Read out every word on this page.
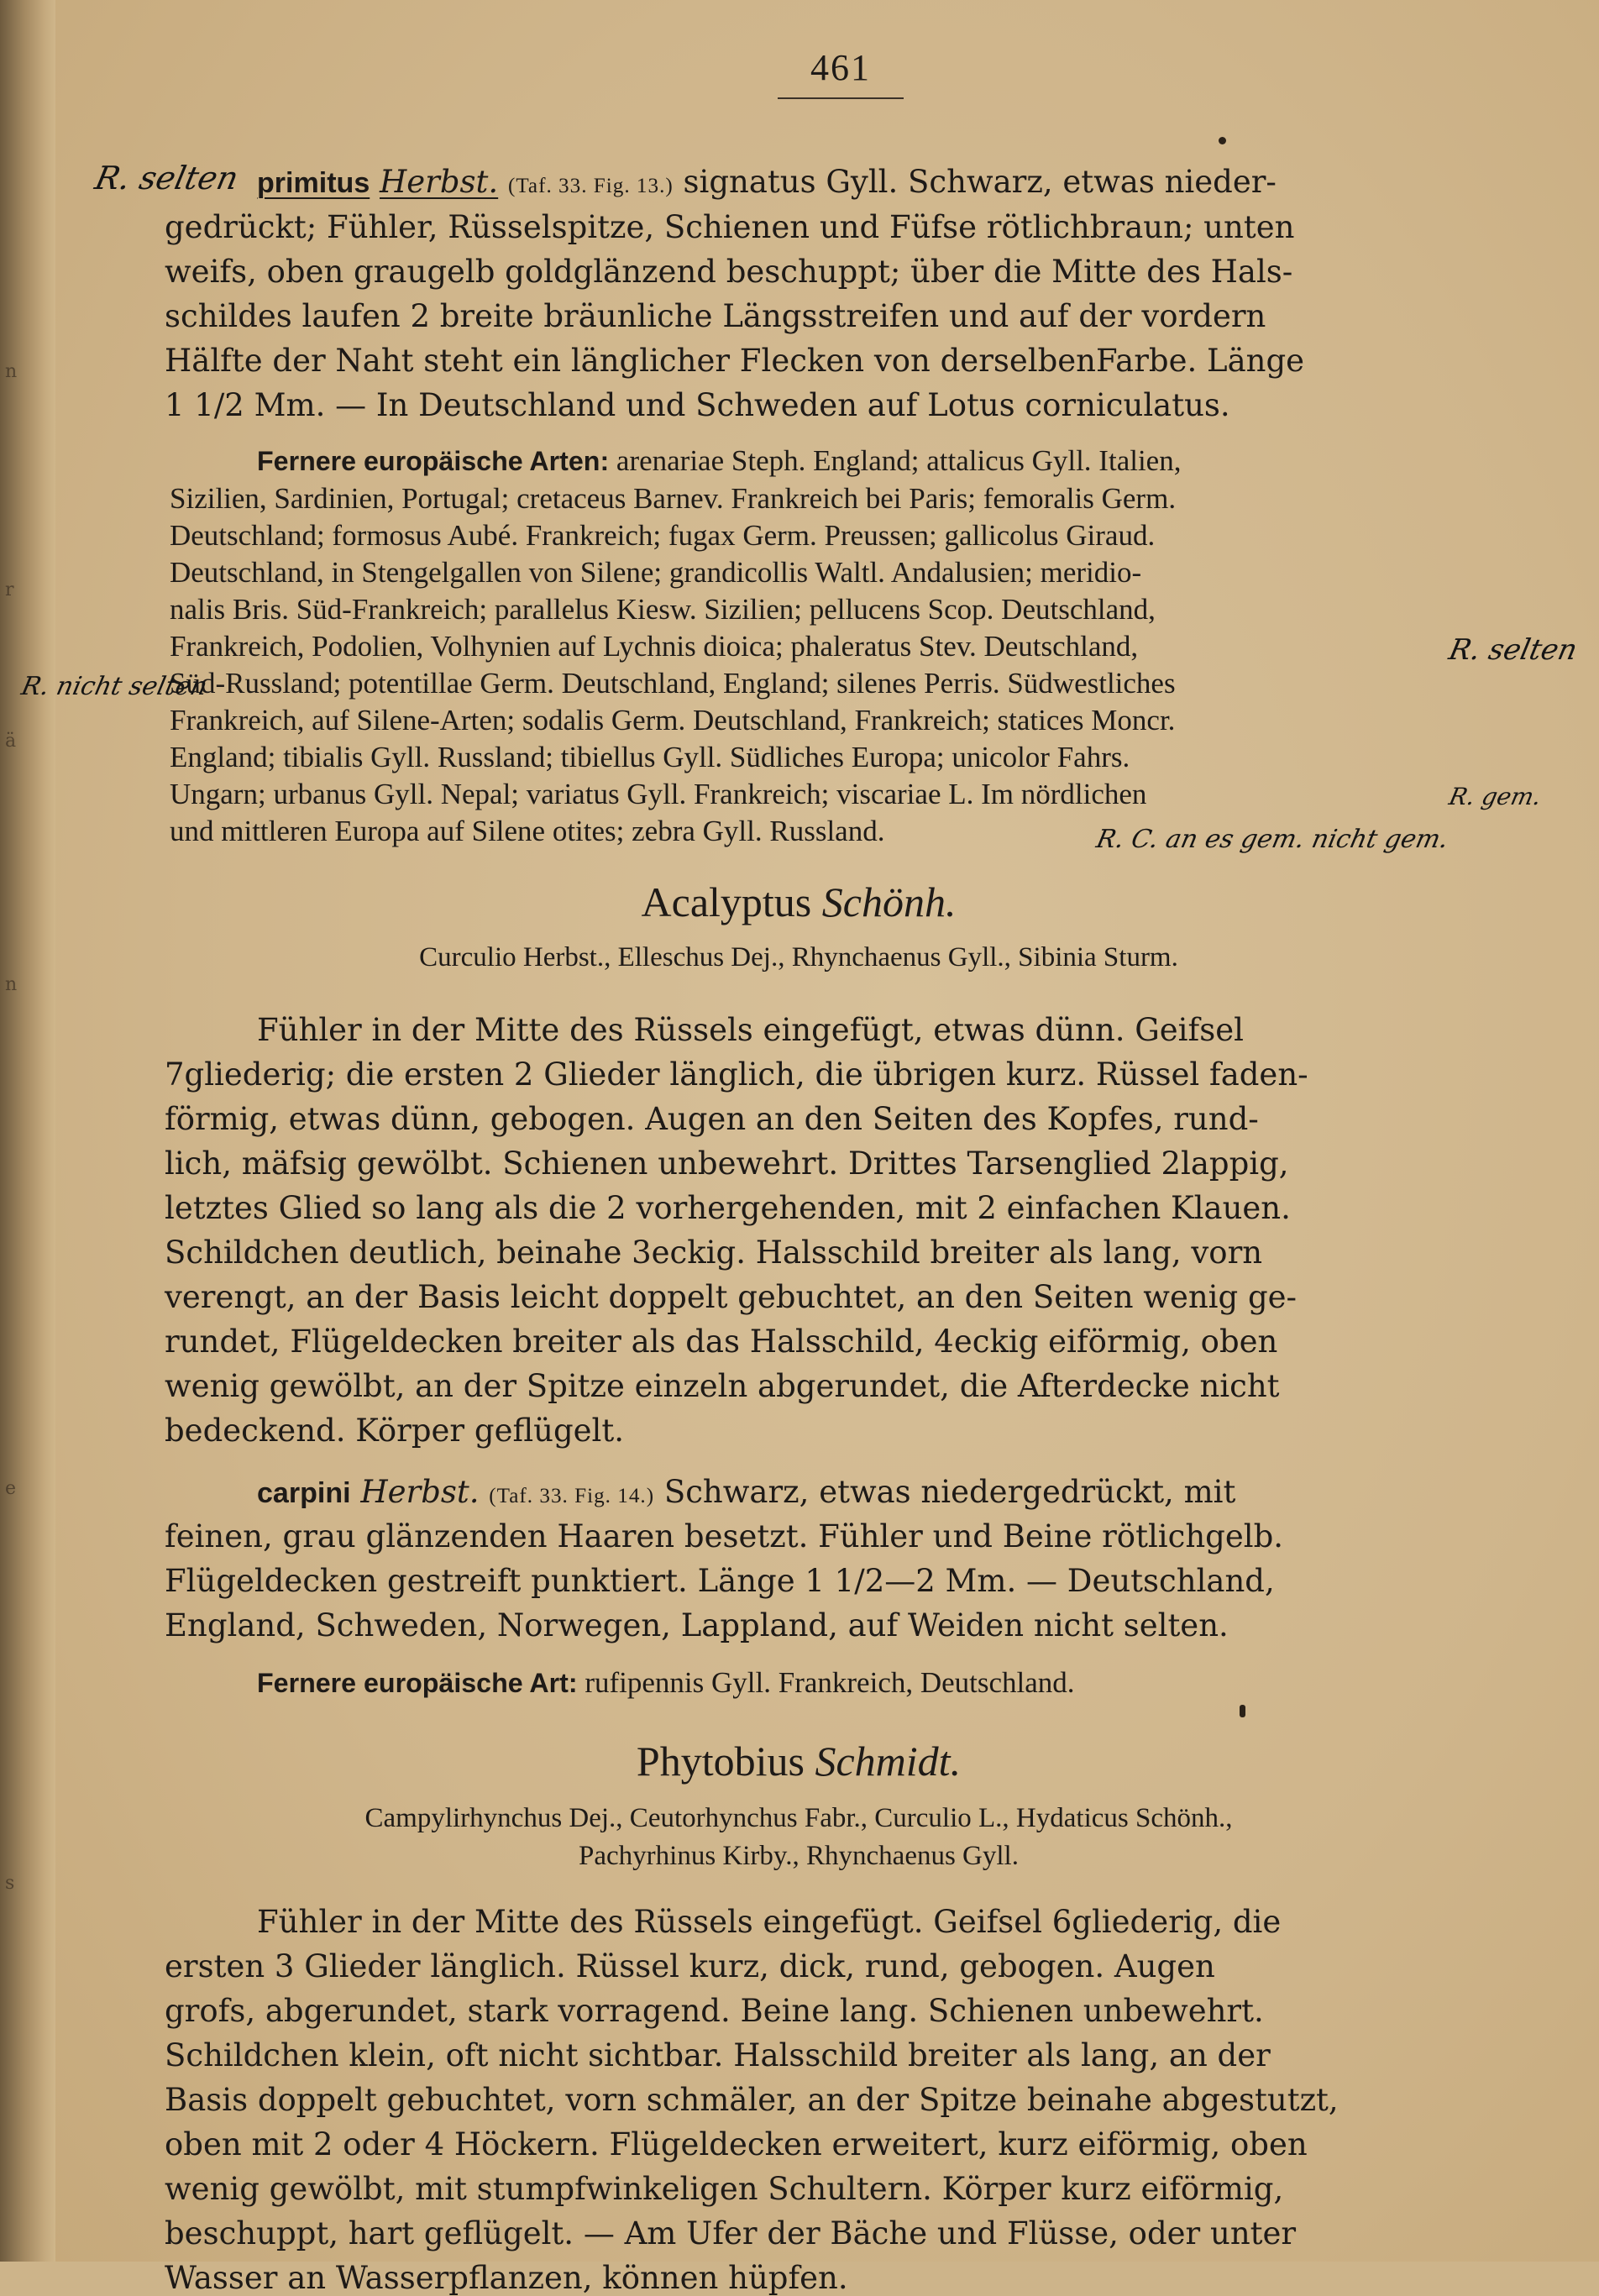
n
r
ä
n
e
s
461
R. selten primitus Herbst. (Taf. 33. Fig. 13.) signatus Gyll. Schwarz, etwas nieder-
gedrückt; Fühler, Rüsselspitze, Schienen und Füfse rötlichbraun; unten
weifs, oben graugelb goldglänzend beschuppt; über die Mitte des Hals-
schildes laufen 2 breite bräunliche Längsstreifen und auf der vordern
Hälfte der Naht steht ein länglicher Flecken von derselbenFarbe. Länge
1 1/2 Mm. — In Deutschland und Schweden auf Lotus corniculatus.
Fernere europäische Arten: arenariae Steph. England; attalicus Gyll. Italien,
Sizilien, Sardinien, Portugal; cretaceus Barnev. Frankreich bei Paris; femoralis Germ.
Deutschland; formosus Aubé. Frankreich; fugax Germ. Preussen; gallicolus Giraud.
Deutschland, in Stengelgallen von Silene; grandicollis Waltl. Andalusien; meridio-
nalis Bris. Süd-Frankreich; parallelus Kiesw. Sizilien; pellucens Scop. Deutschland,
Frankreich, Podolien, Volhynien auf Lychnis dioica; phaleratus Stev. Deutschland,
Süd-Russland; potentillae Germ. Deutschland, England; silenes Perris. Südwestliches
Frankreich, auf Silene-Arten; sodalis Germ. Deutschland, Frankreich; statices Moncr.
England; tibialis Gyll. Russland; tibiellus Gyll. Südliches Europa; unicolor Fahrs.
Ungarn; urbanus Gyll. Nepal; variatus Gyll. Frankreich; viscariae L. Im nördlichen
und mittleren Europa auf Silene otites; zebra Gyll. Russland.
R. selten
R. nicht selten
R. gem.
R. C. an es gem. nicht gem.
Acalyptus Schönh.
Curculio Herbst., Elleschus Dej., Rhynchaenus Gyll., Sibinia Sturm.
Fühler in der Mitte des Rüssels eingefügt, etwas dünn. Geifsel
7gliederig; die ersten 2 Glieder länglich, die übrigen kurz. Rüssel faden-
förmig, etwas dünn, gebogen. Augen an den Seiten des Kopfes, rund-
lich, mäfsig gewölbt. Schienen unbewehrt. Drittes Tarsenglied 2lappig,
letztes Glied so lang als die 2 vorhergehenden, mit 2 einfachen Klauen.
Schildchen deutlich, beinahe 3eckig. Halsschild breiter als lang, vorn
verengt, an der Basis leicht doppelt gebuchtet, an den Seiten wenig ge-
rundet, Flügeldecken breiter als das Halsschild, 4eckig eiförmig, oben
wenig gewölbt, an der Spitze einzeln abgerundet, die Afterdecke nicht
bedeckend. Körper geflügelt.
carpini Herbst. (Taf. 33. Fig. 14.) Schwarz, etwas niedergedrückt, mit
feinen, grau glänzenden Haaren besetzt. Fühler und Beine rötlichgelb.
Flügeldecken gestreift punktiert. Länge 1 1/2—2 Mm. — Deutschland,
England, Schweden, Norwegen, Lappland, auf Weiden nicht selten.
Fernere europäische Art: rufipennis Gyll. Frankreich, Deutschland.
Phytobius Schmidt.
Campylirhynchus Dej., Ceutorhynchus Fabr., Curculio L., Hydaticus Schönh.,
Pachyrhinus Kirby., Rhynchaenus Gyll.
Fühler in der Mitte des Rüssels eingefügt. Geifsel 6gliederig, die
ersten 3 Glieder länglich. Rüssel kurz, dick, rund, gebogen. Augen
grofs, abgerundet, stark vorragend. Beine lang. Schienen unbewehrt.
Schildchen klein, oft nicht sichtbar. Halsschild breiter als lang, an der
Basis doppelt gebuchtet, vorn schmäler, an der Spitze beinahe abgestutzt,
oben mit 2 oder 4 Höckern. Flügeldecken erweitert, kurz eiförmig, oben
wenig gewölbt, mit stumpfwinkeligen Schultern. Körper kurz eiförmig,
beschuppt, hart geflügelt. — Am Ufer der Bäche und Flüsse, oder unter
Wasser an Wasserpflanzen, können hüpfen.
